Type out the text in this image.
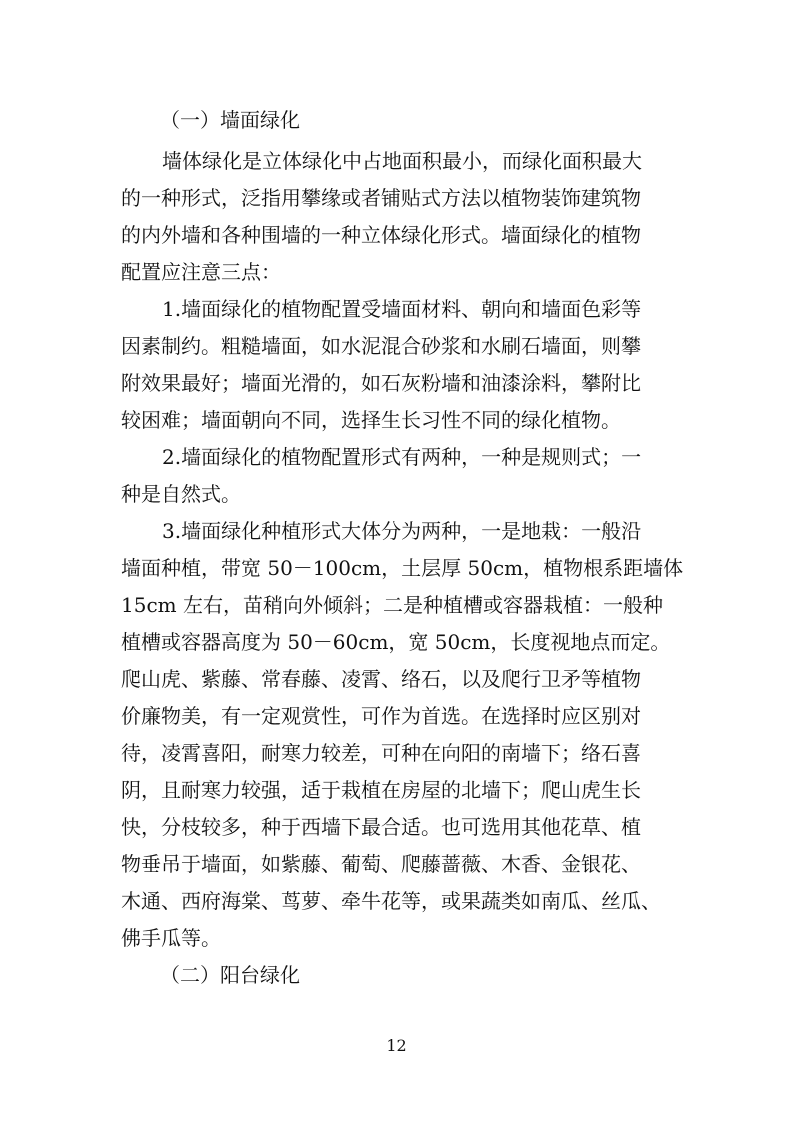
（一）墙面绿化
墙体绿化是立体绿化中占地面积最小，而绿化面积最大
的一种形式，泛指用攀缘或者铺贴式方法以植物装饰建筑物
的内外墙和各种围墙的一种立体绿化形式。墙面绿化的植物
配置应注意三点：
1.墙面绿化的植物配置受墙面材料、朝向和墙面色彩等
因素制约。粗糙墙面，如水泥混合砂浆和水刷石墙面，则攀
附效果最好；墙面光滑的，如石灰粉墙和油漆涂料，攀附比
较困难；墙面朝向不同，选择生长习性不同的绿化植物。
2.墙面绿化的植物配置形式有两种，一种是规则式；一
种是自然式。
3.墙面绿化种植形式大体分为两种，一是地栽：一般沿
墙面种植，带宽 50－100cm，土层厚 50cm，植物根系距墙体
15cm 左右，苗稍向外倾斜；二是种植槽或容器栽植：一般种
植槽或容器高度为 50－60cm，宽 50cm，长度视地点而定。
爬山虎、紫藤、常春藤、凌霄、络石，以及爬行卫矛等植物
价廉物美，有一定观赏性，可作为首选。在选择时应区别对
待，凌霄喜阳，耐寒力较差，可种在向阳的南墙下；络石喜
阴，且耐寒力较强，适于栽植在房屋的北墙下；爬山虎生长
快，分枝较多，种于西墙下最合适。也可选用其他花草、植
物垂吊于墙面，如紫藤、葡萄、爬藤蔷薇、木香、金银花、
木通、西府海棠、茑萝、牵牛花等，或果蔬类如南瓜、丝瓜、
佛手瓜等。
（二）阳台绿化
12
